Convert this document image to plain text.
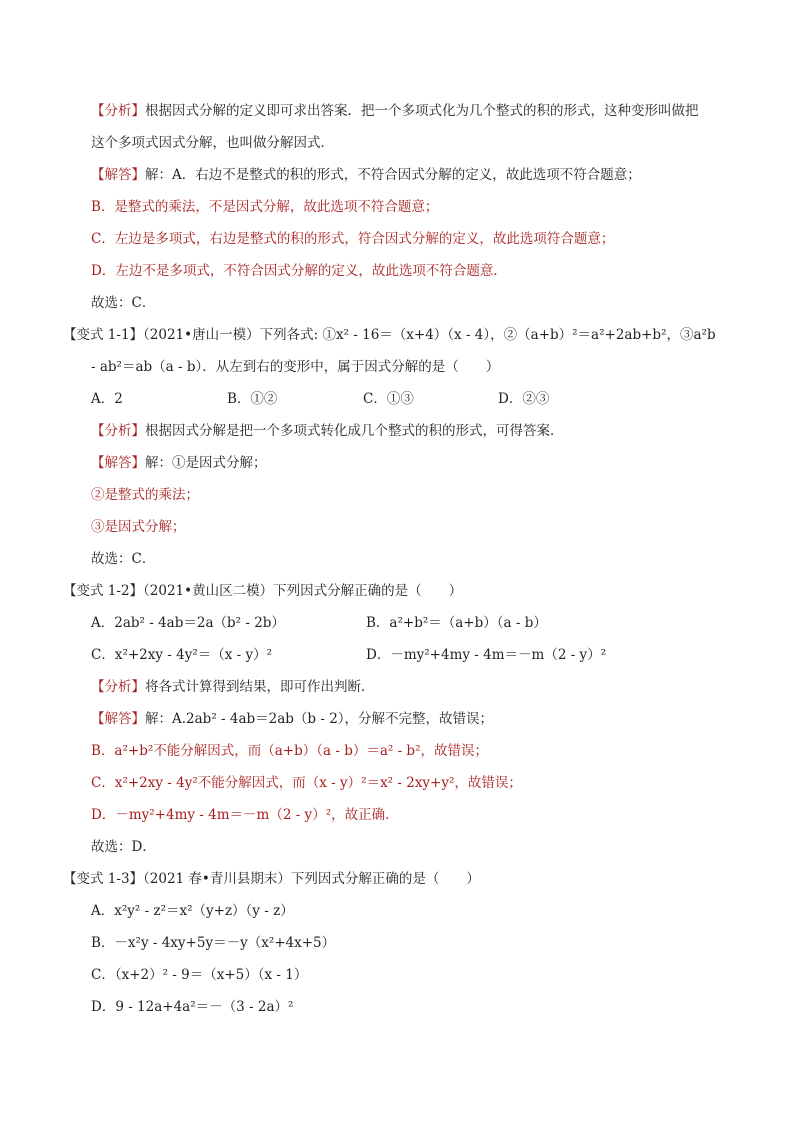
【分析】根据因式分解的定义即可求出答案．把一个多项式化为几个整式的积的形式，这种变形叫做把
这个多项式因式分解，也叫做分解因式．
【解答】解：A．右边不是整式的积的形式，不符合因式分解的定义，故此选项不符合题意；
B．是整式的乘法，不是因式分解，故此选项不符合题意；
C．左边是多项式，右边是整式的积的形式，符合因式分解的定义，故此选项符合题意；
D．左边不是多项式，不符合因式分解的定义，故此选项不符合题意．
故选：C．
【变式 1-1】（2021•唐山一模）下列各式: ①x² - 16＝（x+4）（x - 4），②（a+b）²＝a²+2ab+b²，③a²b
- ab²＝ab（a - b）．从左到右的变形中，属于因式分解的是（　　）
A．2	B．①②	C．①③	D．②③
【分析】根据因式分解是把一个多项式转化成几个整式的积的形式，可得答案．
【解答】解：①是因式分解；
②是整式的乘法；
③是因式分解；
故选：C．
【变式 1-2】（2021•黄山区二模）下列因式分解正确的是（　　）
A．2ab² - 4ab＝2a（b² - 2b）	B．a²+b²＝（a+b）（a - b）
C．x²+2xy - 4y²＝（x - y）²	D．－my²+4my - 4m＝－m（2 - y）²
【分析】将各式计算得到结果，即可作出判断．
【解答】解：A.2ab² - 4ab＝2ab（b - 2），分解不完整，故错误；
B．a²+b²不能分解因式，而（a+b）（a - b）＝a² - b²，故错误；
C．x²+2xy - 4y²不能分解因式，而（x - y）²＝x² - 2xy+y²，故错误；
D．－my²+4my - 4m＝－m（2 - y）²，故正确．
故选：D．
【变式 1-3】（2021 春•青川县期末）下列因式分解正确的是（　　）
A．x²y² - z²＝x²（y+z）（y - z）
B．－x²y - 4xy+5y＝－y（x²+4x+5）
C．（x+2）² - 9＝（x+5）（x - 1）
D．9 - 12a+4a²＝－（3 - 2a）²
